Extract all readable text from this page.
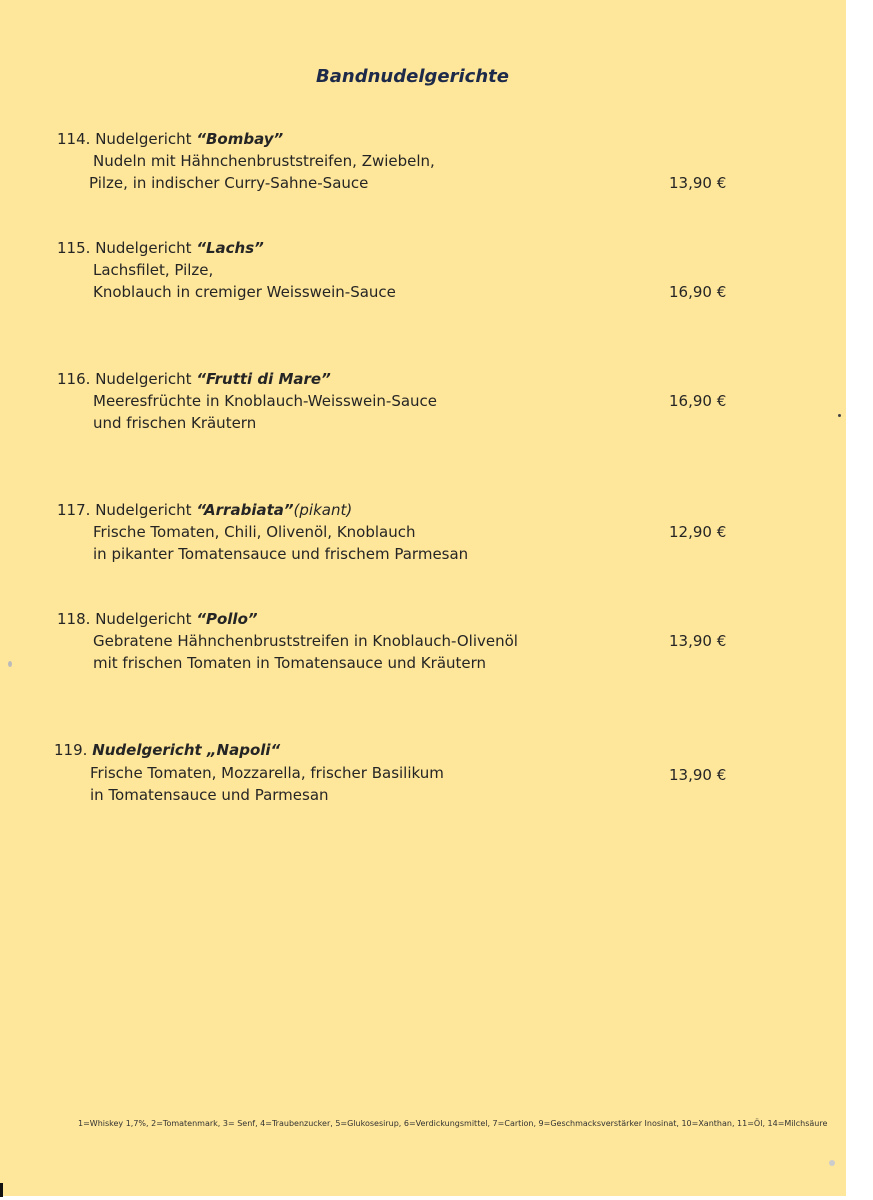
Bandnudelgerichte
114. Nudelgericht “Bombay”
Nudeln mit Hähnchenbruststreifen, Zwiebeln,
Pilze, in indischer Curry-Sahne-Sauce	13,90 €
115. Nudelgericht “Lachs”
Lachsfilet, Pilze,
Knoblauch in cremiger Weisswein-Sauce	16,90 €
116. Nudelgericht “Frutti di Mare”
Meeresfrüchte in Knoblauch-Weisswein-Sauce
und frischen Kräutern
16,90 €
117. Nudelgericht “Arrabiata”(pikant)
Frische Tomaten, Chili, Olivenöl, Knoblauch
in pikanter Tomatensauce und frischem Parmesan
12,90 €
118. Nudelgericht “Pollo”
Gebratene Hähnchenbruststreifen in Knoblauch-Olivenöl
mit frischen Tomaten in Tomatensauce und Kräutern
13,90 €
119. Nudelgericht „Napoli“
Frische Tomaten, Mozzarella, frischer Basilikum
in Tomatensauce und Parmesan
13,90 €
1=Whiskey 1,7%, 2=Tomatenmark, 3= Senf, 4=Traubenzucker, 5=Glukosesirup, 6=Verdickungsmittel, 7=Cartion, 9=Geschmacksverstärker Inosinat, 10=Xanthan, 11=Öl, 14=Milchsäure
